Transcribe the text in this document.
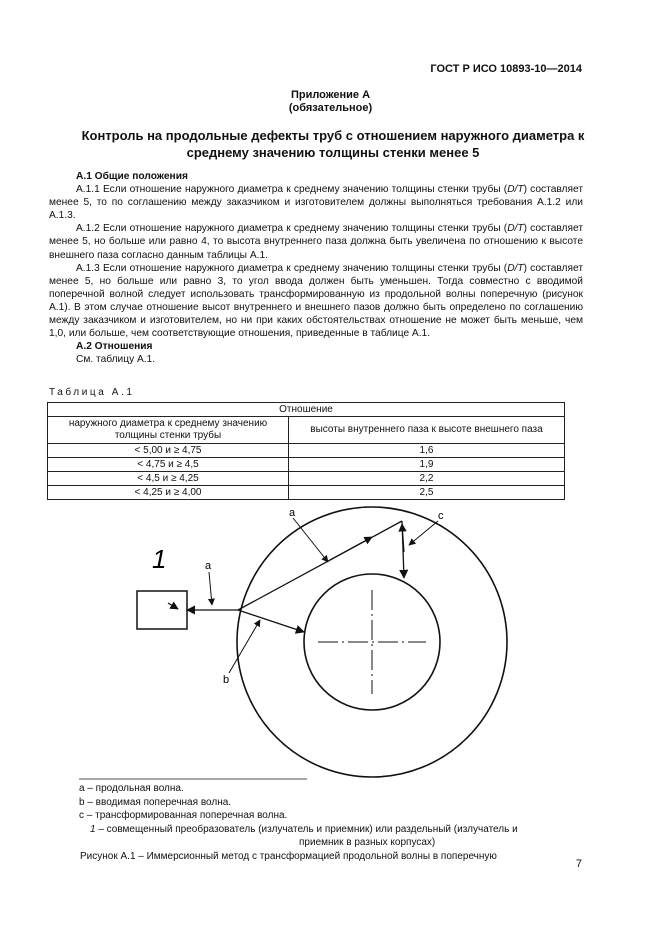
ГОСТ Р ИСО 10893-10—2014
Приложение А
(обязательное)
Контроль на продольные дефекты труб с отношением наружного диаметра к среднему значению толщины стенки менее 5

А.1 Общие положения

А.1.1 Если отношение наружного диаметра к среднему значению толщины стенки трубы (D/T) составляет менее 5, то по соглашению между заказчиком и изготовителем должны выполняться требования А.1.2 или А.1.3.

А.1.2 Если отношение наружного диаметра к среднему значению толщины стенки трубы (D/T) составляет менее 5, но больше или равно 4, то высота внутреннего паза должна быть увеличена по отношению к высоте внешнего паза согласно данным таблицы А.1.

А.1.3 Если отношение наружного диаметра к среднему значению толщины стенки трубы (D/T) составляет менее 5, но больше или равно 3, то угол ввода должен быть уменьшен. Тогда совместно с вводимой поперечной волной следует использовать трансформированную из продольной волны поперечную (рисунок А.1). В этом случае отношение высот внутреннего и внешнего пазов должно быть определено по соглашению между заказчиком и изготовителем, но ни при каких обстоятельствах отношение не может быть меньше, чем 1,0, или больше, чем соответствующие отношения, приведенные в таблице А.1.

А.2 Отношения

См. таблицу А.1.

Таблица А.1
Отношение	
наружного диаметра к среднему значению толщины стенки трубы	высоты внутреннего паза к высоте внешнего паза
< 5,00 и ≥ 4,75	1,6
< 4,75 и ≥ 4,5	1,9
< 4,5 и ≥ 4,25	2,2
< 4,25 и ≥ 4,00	2,5
a
a
b
c
1
a – продольная волна.
b – вводимая поперечная волна.
c – трансформированная поперечная волна.
1 – совмещенный преобразователь (излучатель и приемник) или раздельный (излучатель и
приемник в разных корпусах)
Рисунок А.1 – Иммерсионный метод с трансформацией продольной волны в поперечную
7
